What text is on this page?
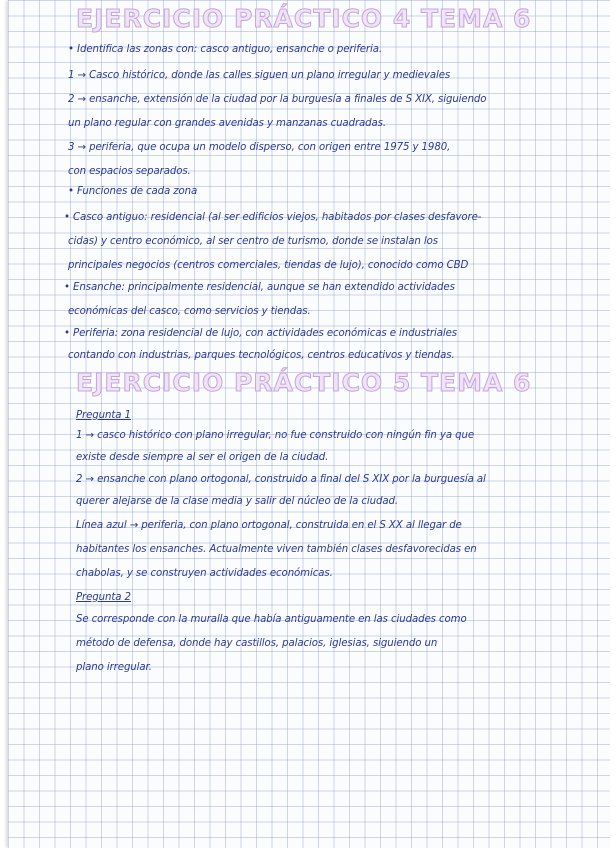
EJERCICIO PRÁCTICO 4 TEMA 6
• Identifica las zonas con: casco antiguo, ensanche o periferia.
1 → Casco histórico, donde las calles siguen un plano irregular y medievales
2 → ensanche, extensión de la ciudad por la burguesía a finales de S XIX, siguiendo
un plano regular con grandes avenidas y manzanas cuadradas.
3 → periferia, que ocupa un modelo disperso, con origen entre 1975 y 1980,
con espacios separados.
• Funciones de cada zona
• Casco antiguo: residencial (al ser edificios viejos, habitados por clases desfavore-
cidas) y centro económico, al ser centro de turismo, donde se instalan los
principales negocios (centros comerciales, tiendas de lujo), conocido como CBD
• Ensanche: principalmente residencial, aunque se han extendido actividades
económicas del casco, como servicios y tiendas.
• Periferia: zona residencial de lujo, con actividades económicas e industriales
contando con industrias, parques tecnológicos, centros educativos y tiendas.
EJERCICIO PRÁCTICO 5 TEMA 6
Pregunta 1
1 → casco histórico con plano irregular, no fue construido con ningún fin ya que
existe desde siempre al ser el origen de la ciudad.
2 → ensanche con plano ortogonal, construido a final del S XIX por la burguesía al
querer alejarse de la clase media y salir del núcleo de la ciudad.
Línea azul → periferia, con plano ortogonal, construida en el S XX al llegar de
habitantes los ensanches. Actualmente viven también clases desfavorecidas en
chabolas, y se construyen actividades económicas.
Pregunta 2
Se corresponde con la muralla que había antiguamente en las ciudades como
método de defensa, donde hay castillos, palacios, iglesias, siguiendo un
plano irregular.
